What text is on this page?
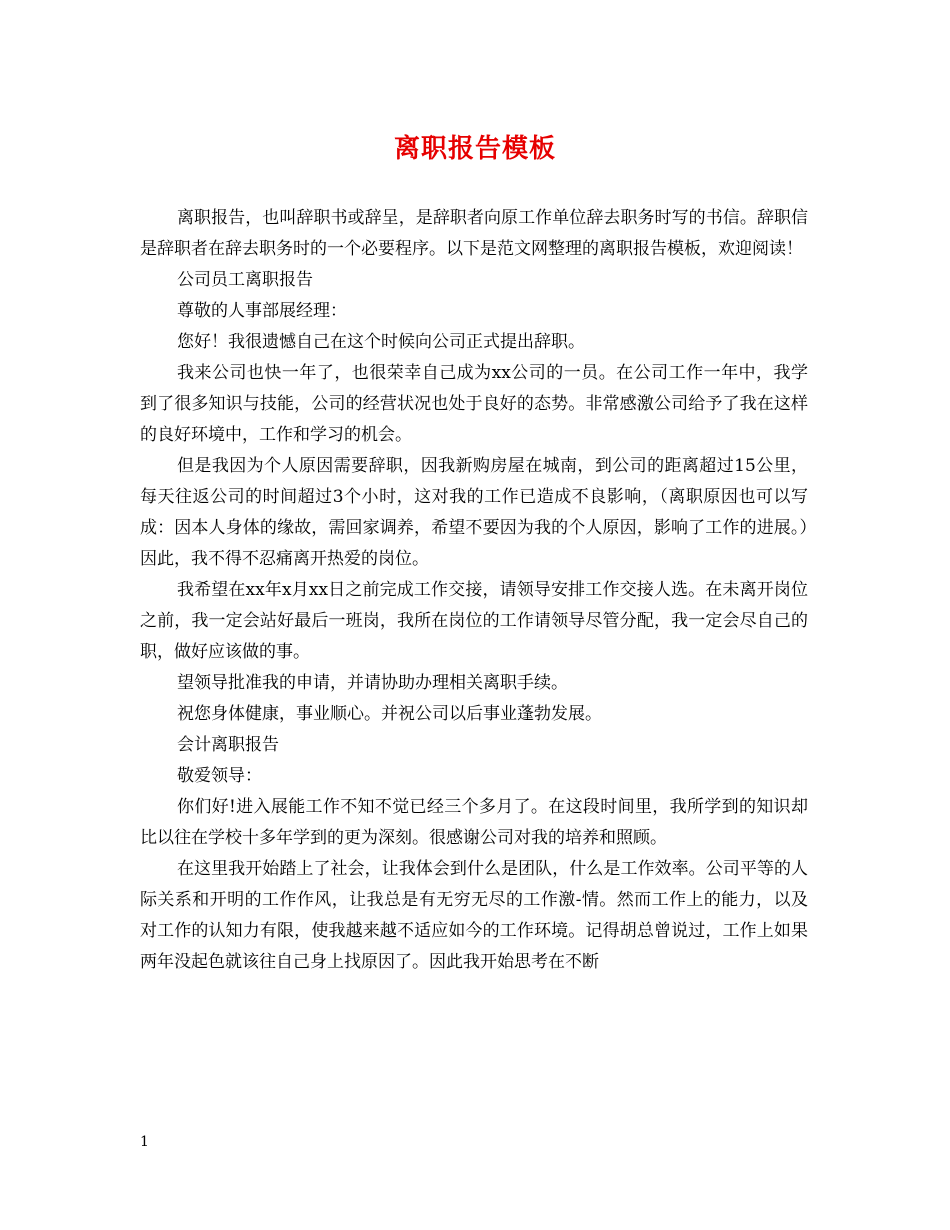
离职报告模板

离职报告，也叫辞职书或辞呈，是辞职者向原工作单位辞去职务时写的书信。辞职信是辞职者在辞去职务时的一个必要程序。以下是范文网整理的离职报告模板，欢迎阅读！

公司员工离职报告

尊敬的人事部展经理：

您好！我很遗憾自己在这个时候向公司正式提出辞职。

我来公司也快一年了，也很荣幸自己成为xx公司的一员。在公司工作一年中，我学到了很多知识与技能，公司的经营状况也处于良好的态势。非常感激公司给予了我在这样的良好环境中，工作和学习的机会。

但是我因为个人原因需要辞职，因我新购房屋在城南，到公司的距离超过15公里，每天往返公司的时间超过3个小时，这对我的工作已造成不良影响，（离职原因也可以写成：因本人身体的缘故，需回家调养，希望不要因为我的个人原因，影响了工作的进展。）因此，我不得不忍痛离开热爱的岗位。

我希望在xx年x月xx日之前完成工作交接，请领导安排工作交接人选。在未离开岗位之前，我一定会站好最后一班岗，我所在岗位的工作请领导尽管分配，我一定会尽自己的职，做好应该做的事。

望领导批准我的申请，并请协助办理相关离职手续。

祝您身体健康，事业顺心。并祝公司以后事业蓬勃发展。

会计离职报告

敬爱领导：

你们好!进入展能工作不知不觉已经三个多月了。在这段时间里，我所学到的知识却比以往在学校十多年学到的更为深刻。很感谢公司对我的培养和照顾。

在这里我开始踏上了社会，让我体会到什么是团队，什么是工作效率。公司平等的人际关系和开明的工作作风，让我总是有无穷无尽的工作激-情。然而工作上的能力，以及对工作的认知力有限，使我越来越不适应如今的工作环境。记得胡总曾说过，工作上如果两年没起色就该往自己身上找原因了。因此我开始思考在不断

1
